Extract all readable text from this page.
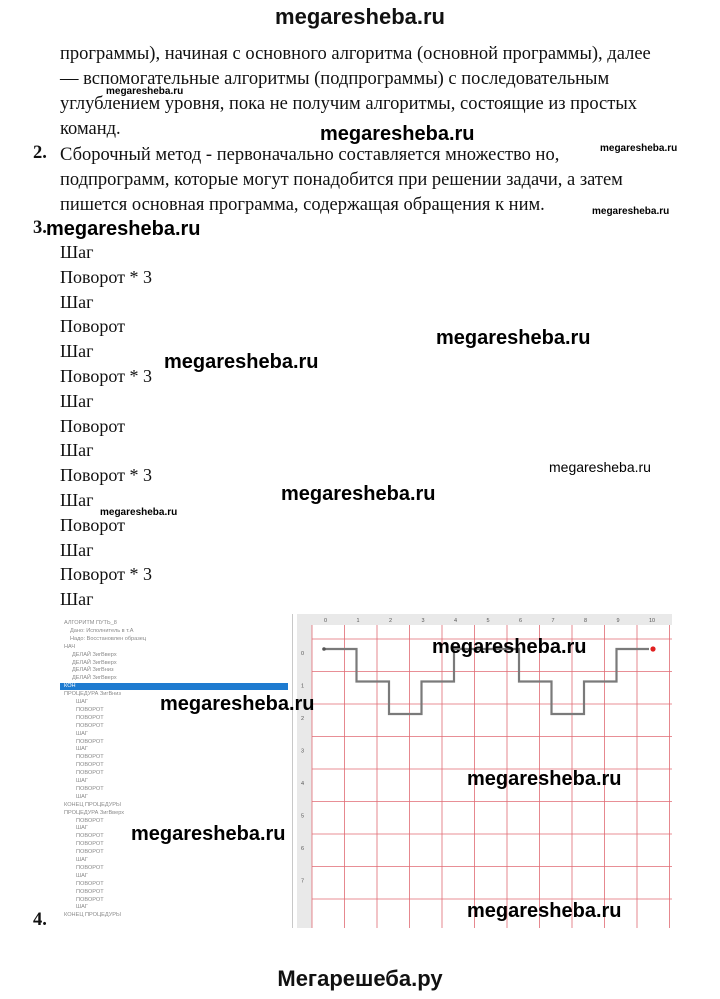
megaresheba.ru
программы), начиная с основного алгоритма (основной программы), далее
— вспомогательные алгоритмы (подпрограммы) с последовательным
углублением уровня, пока не получим алгоритмы, состоящие из простых
команд.
2. Сборочный метод - первоначально составляется множество но,
подпрограмм, которые могут понадобится при решении задачи, а затем
пишется основная программа, содержащая обращения к ним.
3.
Шаг
Поворот * 3
Шаг
Поворот
Шаг
Поворот * 3
Шаг
Поворот
Шаг
Поворот * 3
Шаг
Поворот
Шаг
Поворот * 3
Шаг
АЛГОРИТМ ПУТЬ_8
Дано: Исполнитель в т.А
Надо: Восстановлен образец
НАЧ
ДЕЛАЙ ЗигВверх
ДЕЛАЙ ЗигВверх
ДЕЛАЙ ЗигВниз
ДЕЛАЙ ЗигВверх
КОН
ПРОЦЕДУРА ЗигВниз
ШАГ
ПОВОРОТ
ПОВОРОТ
ПОВОРОТ
ШАГ
ПОВОРОТ
ШАГ
ПОВОРОТ
ПОВОРОТ
ПОВОРОТ
ШАГ
ПОВОРОТ
ШАГ
КОНЕЦ ПРОЦЕДУРЫ
ПРОЦЕДУРА ЗигВверх
ПОВОРОТ
ШАГ
ПОВОРОТ
ПОВОРОТ
ПОВОРОТ
ШАГ
ПОВОРОТ
ШАГ
ПОВОРОТ
ПОВОРОТ
ПОВОРОТ
ШАГ
КОНЕЦ ПРОЦЕДУРЫ
0	1	2	3	4	5	6	7	8	9	10
0
1
2
3
4
5
6
7
4.
megaresheba.ru
megaresheba.ru
megaresheba.ru
megaresheba.ru
megaresheba.ru
megaresheba.ru
megaresheba.ru
megaresheba.ru
megaresheba.ru
megaresheba.ru
megaresheba.ru
megaresheba.ru
megaresheba.ru
megaresheba.ru
megaresheba.ru
Мегарешеба.ру
